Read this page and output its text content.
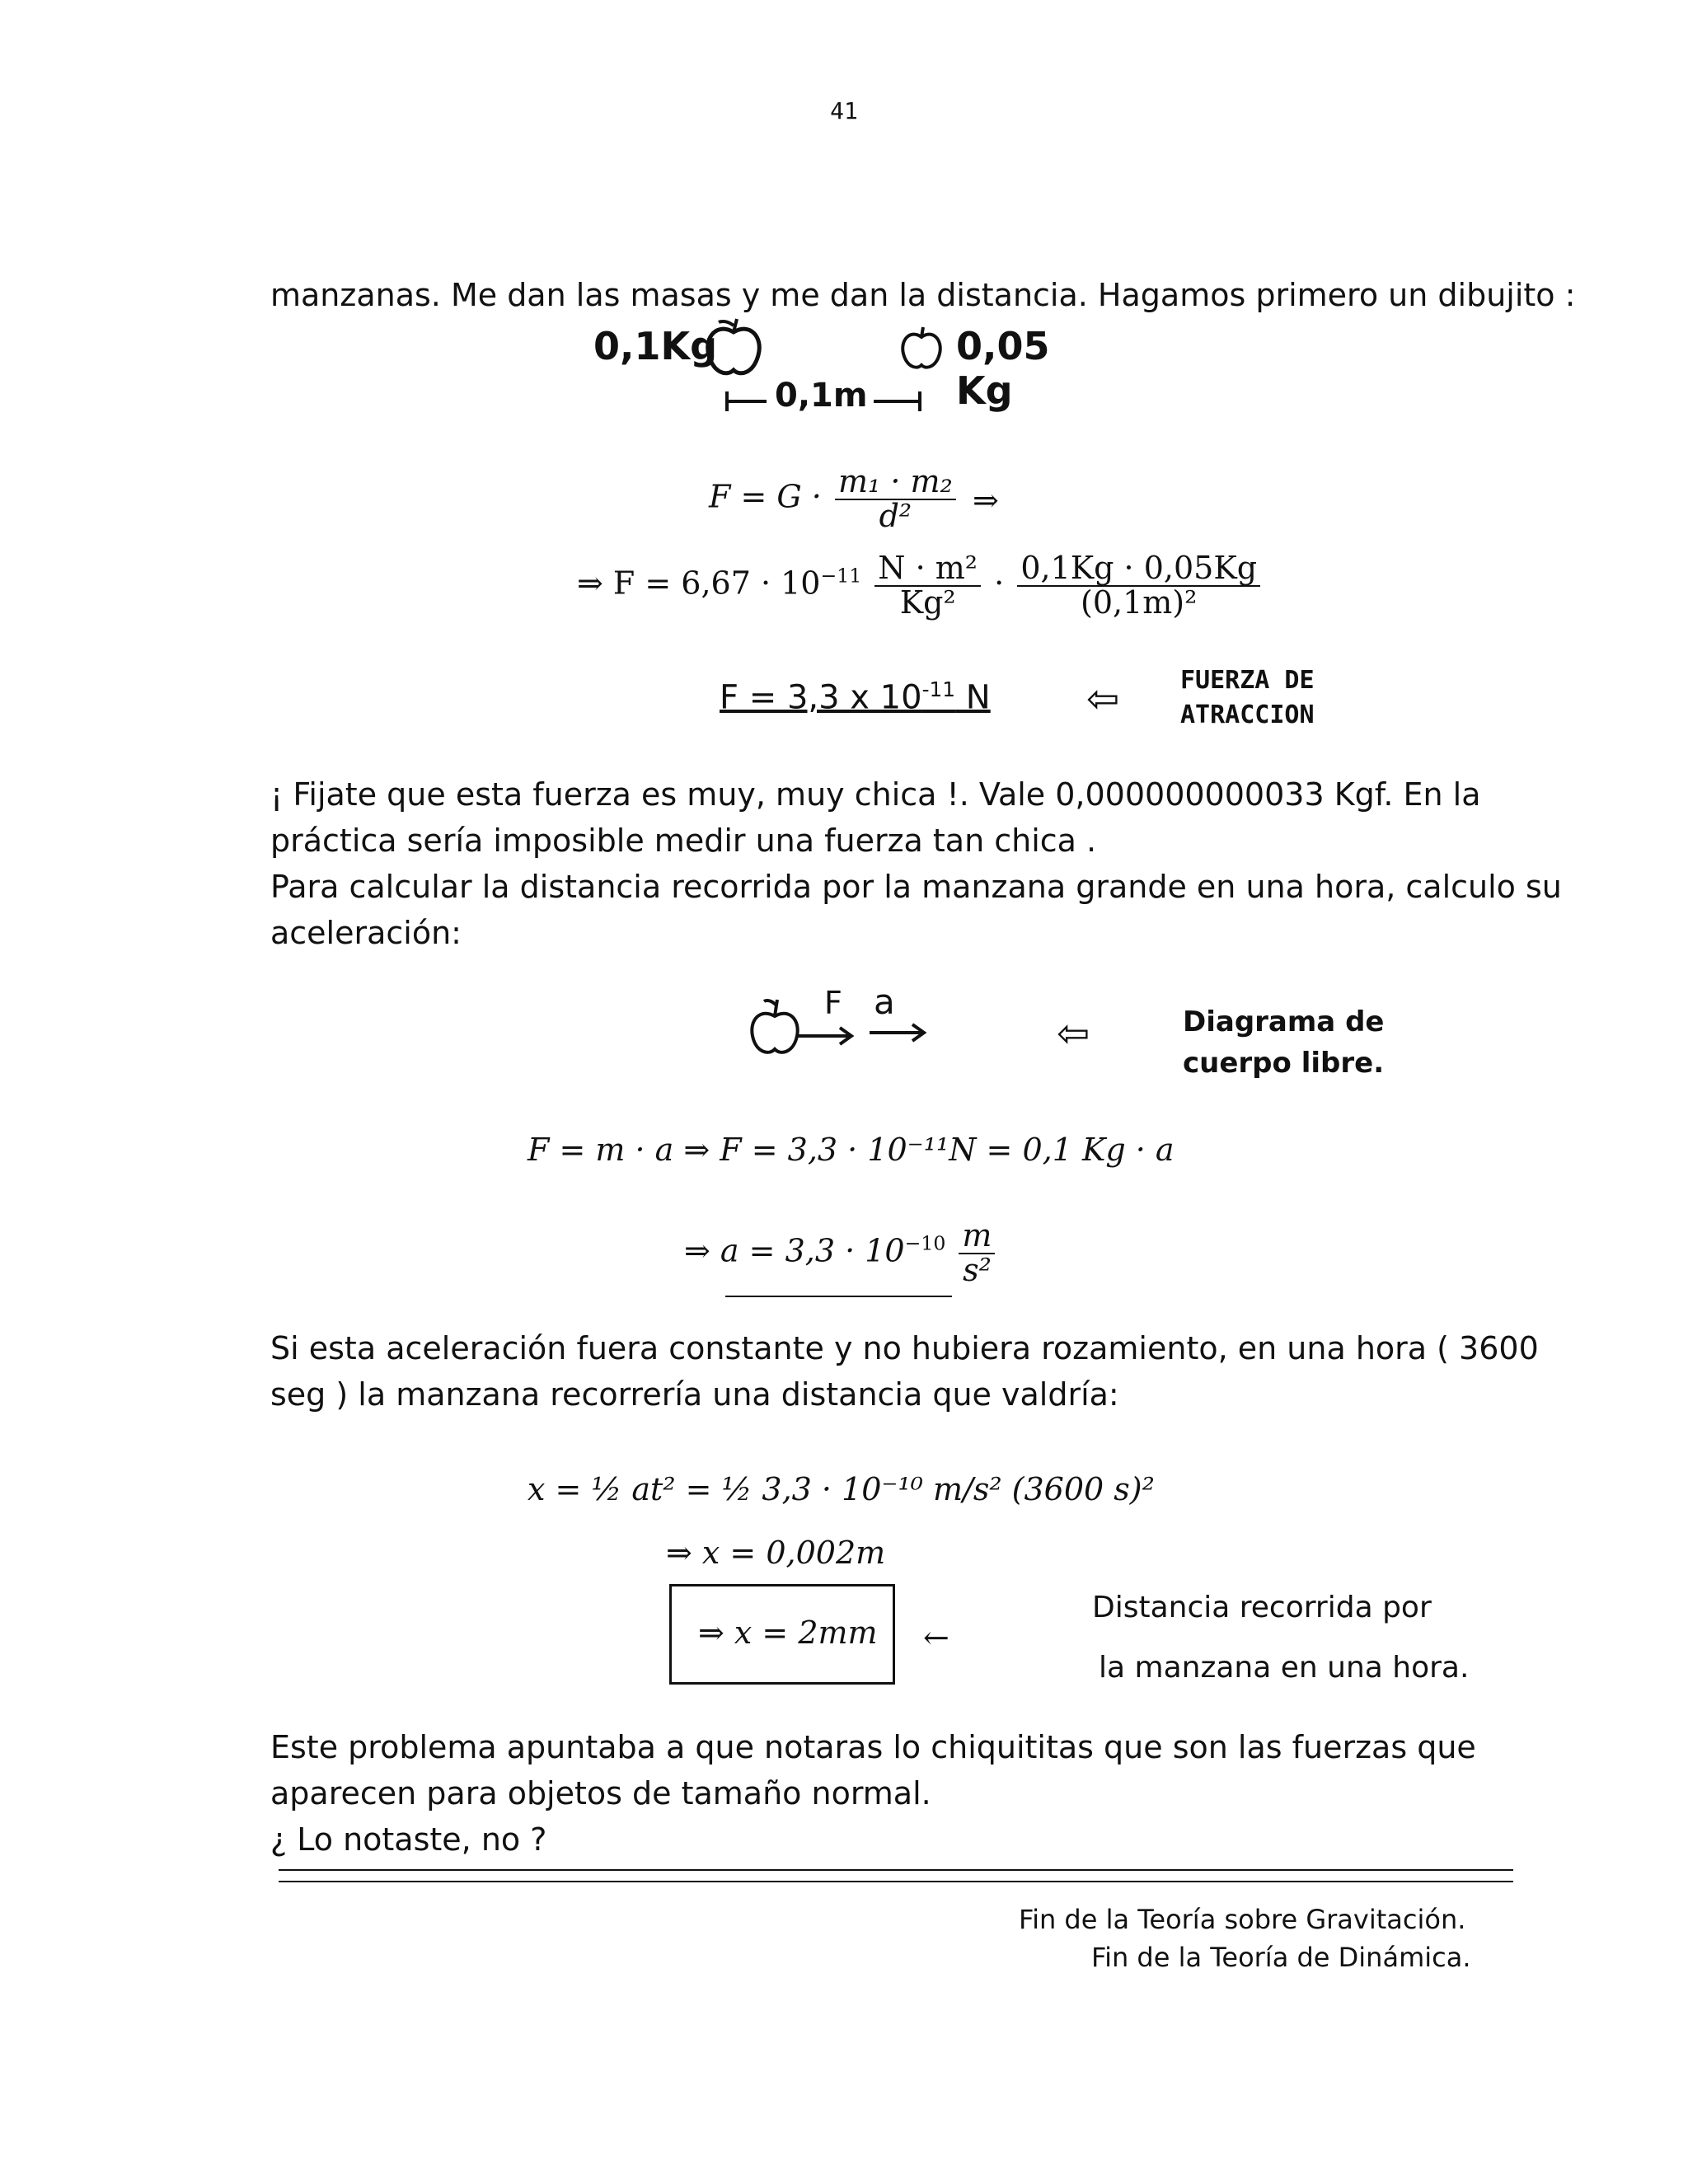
41
manzanas. Me dan las masas y me dan la distancia. Hagamos primero un dibujito :
0,1Kg	0,05 Kg
0,1m
$F = G \cdot \frac{\text{m₁ · m₂}}{\text{d²}}$ ⇒
⇒ $F = 6,67 \cdot 10^{-11} \frac{\text{N · m²}}{\text{Kg²}} \cdot \frac{0,1Kg \cdot 0,05Kg}{\text{(0,1m)²}}$
F = 3,3 x $10^{-11}$ N ⇦ FUERZA DE
ATRACCION
¡ Fijate que esta fuerza es muy, muy chica !. Vale 0,000000000033 Kgf. En la
práctica sería imposible medir una fuerza tan chica .
Para calcular la distancia recorrida por la manzana grande en una hora, calculo su
aceleración:
F a
⇦	Diagrama de
cuerpo libre.
F = m · a ⇒ F = 3,3 · 10⁻¹¹N = 0,1 Kg · a
⇒ $a = 3,3 \cdot 10^{-10} \frac{m}{\text{s²}}$
Si esta aceleración fuera constante y no hubiera rozamiento, en una hora ( 3600
seg ) la manzana recorrería una distancia que valdría:
x = ½ at² = ½ 3,3 · 10⁻¹⁰ m/s² (3600 s)²
⇒ x = 0,002m
⇒ x = 2mm ←
Distancia recorrida por
la manzana en una hora.
Este problema apuntaba a que notaras lo chiquititas que son las fuerzas que
aparecen para objetos de tamaño normal.
¿ Lo notaste, no ?
Fin de la Teoría sobre Gravitación.
Fin de la Teoría de Dinámica.
